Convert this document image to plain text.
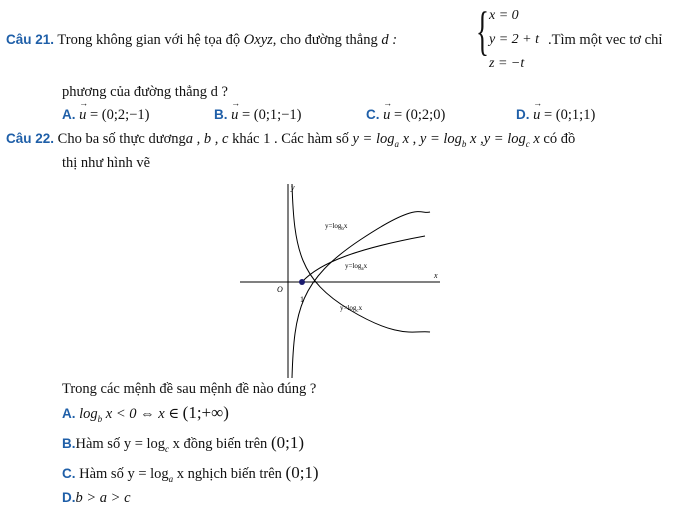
Câu 21. Trong không gian với hệ tọa độ Oxyz, cho đường thẳng d : { x = 0
y = 2 + t
z = −t
.Tìm một vec tơ chỉ
phương của đường thẳng d ?
A. → u = (0;2;−1)	B. → u = (0;1;−1)	C. → u = (0;2;0)	D. → u = (0;1;1)
Câu 22. Cho ba số thực dươnga , b , c khác 1 . Các hàm số $y = \log_a x$ , $y = \log_b x$ $,y = \log_c x$ có đồ
thị như hình vẽ
y
x
O
1
$y=\log_bx$
$y=\log_ax$
$y=\log_cx$
Trong các mệnh đề sau mệnh đề nào đúng ?
A. $\log_b x < 0$ ⇔ x ∈ (1;+∞)
B.Hàm số $y = \log_c x$ đồng biến trên (0;1)
C. Hàm số $y = \log_a x$ nghịch biến trên (0;1)
D.b > a > c
